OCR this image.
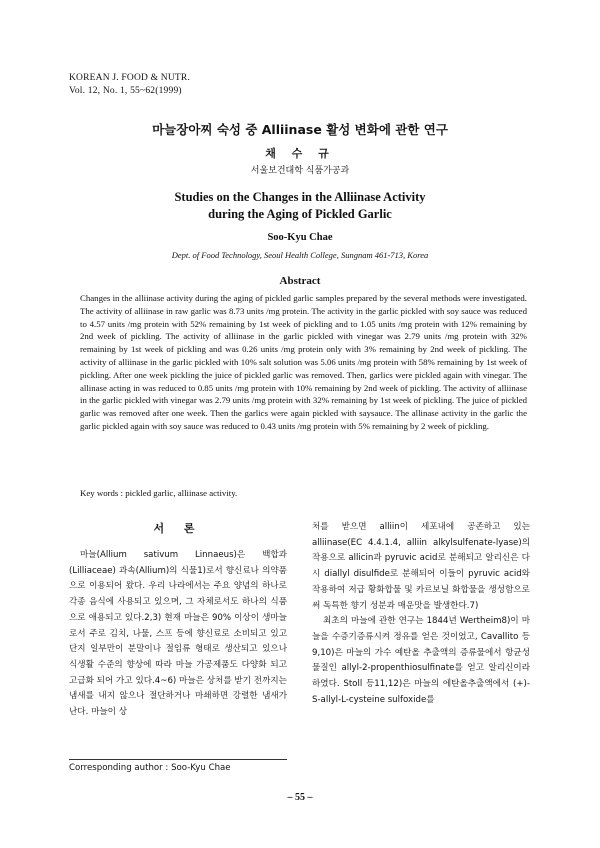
KOREAN J. FOOD & NUTR.
Vol. 12, No. 1, 55~62(1999)
마늘장아찌 숙성 중 Alliinase 활성 변화에 관한 연구
채 수 규
서울보건대학 식품가공과
Studies on the Changes in the Alliinase Activity
during the Aging of Pickled Garlic
Soo-Kyu Chae
Dept. of Food Technology, Seoul Health College, Sungnam 461-713, Korea
Abstract
Changes in the alliinase activity during the aging of pickled garlic samples prepared by the several methods were investigated. The activity of alliinase in raw garlic was 8.73 units /mg protein. The activity in the garlic pickled with soy sauce was reduced to 4.57 units /mg protein with 52% remaining by 1st week of pickling and to 1.05 units /mg protein with 12% remaining by 2nd week of pickling. The activity of alliinase in the garlic pickled with vinegar was 2.79 units /mg protein with 32% remaining by 1st week of pickling and was 0.26 units /mg protein only with 3% remaining by 2nd week of pickling. The activity of alliinase in the garlic pickled with 10% salt solution was 5.06 units /mg protein with 58% remaining by 1st week of pickling. After one week pickling the juice of pickled garlic was removed. Then, garlics were pickled again with vinegar. The allinase acting in was reduced to 0.85 units /mg protein with 10% remaining by 2nd week of pickling. The activity of alliinase in the garlic pickled with vinegar was 2.79 units /mg protein with 32% remaining by 1st week of pickling. The juice of pickled garlic was removed after one week. Then the garlics were again pickled with saysauce. The allinase activity in the garlic the garlic pickled again with soy sauce was reduced to 0.43 units /mg protein with 5% remaining by 2 week of pickling.
Key words : pickled garlic, alliinase activity.
서 론

마늘(Allium sativum Linnaeus)은 백합과(Lilliaceae) 과속(Allium)의 식물1)로서 향신료나 의약품으로 이용되어 왔다. 우리 나라에서는 주요 양념의 하나로 각종 음식에 사용되고 있으며, 그 자체로서도 하나의 식품으로 애용되고 있다.2,3) 현재 마늘은 90% 이상이 생마늘로서 주로 김치, 나물, 스프 등에 향신료로 소비되고 있고 단지 일부만이 분말이나 절임류 형태로 생산되고 있으나 식생활 수준의 향상에 따라 마늘 가공제품도 다양화 되고 고급화 되어 가고 있다.4~6) 마늘은 상처를 받기 전까지는 냄새를 내지 않으나 절단하거나 마쇄하면 강렬한 냄새가 난다. 마늘이 상

처를 받으면 alliin이 세포내에 공존하고 있는 alliinase(EC 4.4.1.4, alliin alkylsulfenate-lyase)의 작용으로 allicin과 pyruvic acid로 분해되고 알리신은 다시 diallyl disulfide로 분해되어 이들이 pyruvic acid와 작용하여 저급 황화합물 및 카르보닐 화합물을 생성함으로써 독특한 향기 성분과 매운맛을 발생한다.7)

최초의 마늘에 관한 연구는 1844년 Wertheim8)이 마늘을 수증기증류시켜 정유를 얻은 것이었고, Cavallito 등9,10)은 마늘의 가수 예탄올 추출액의 증류물에서 항균성 물질인 allyl-2-propenthiosulfinate를 얻고 알리신이라 하였다. Stoll 등11,12)은 마늘의 에탄올추출액에서 (+)-S-allyl-L-cysteine sulfoxide를

Corresponding author : Soo-Kyu Chae
– 55 –
